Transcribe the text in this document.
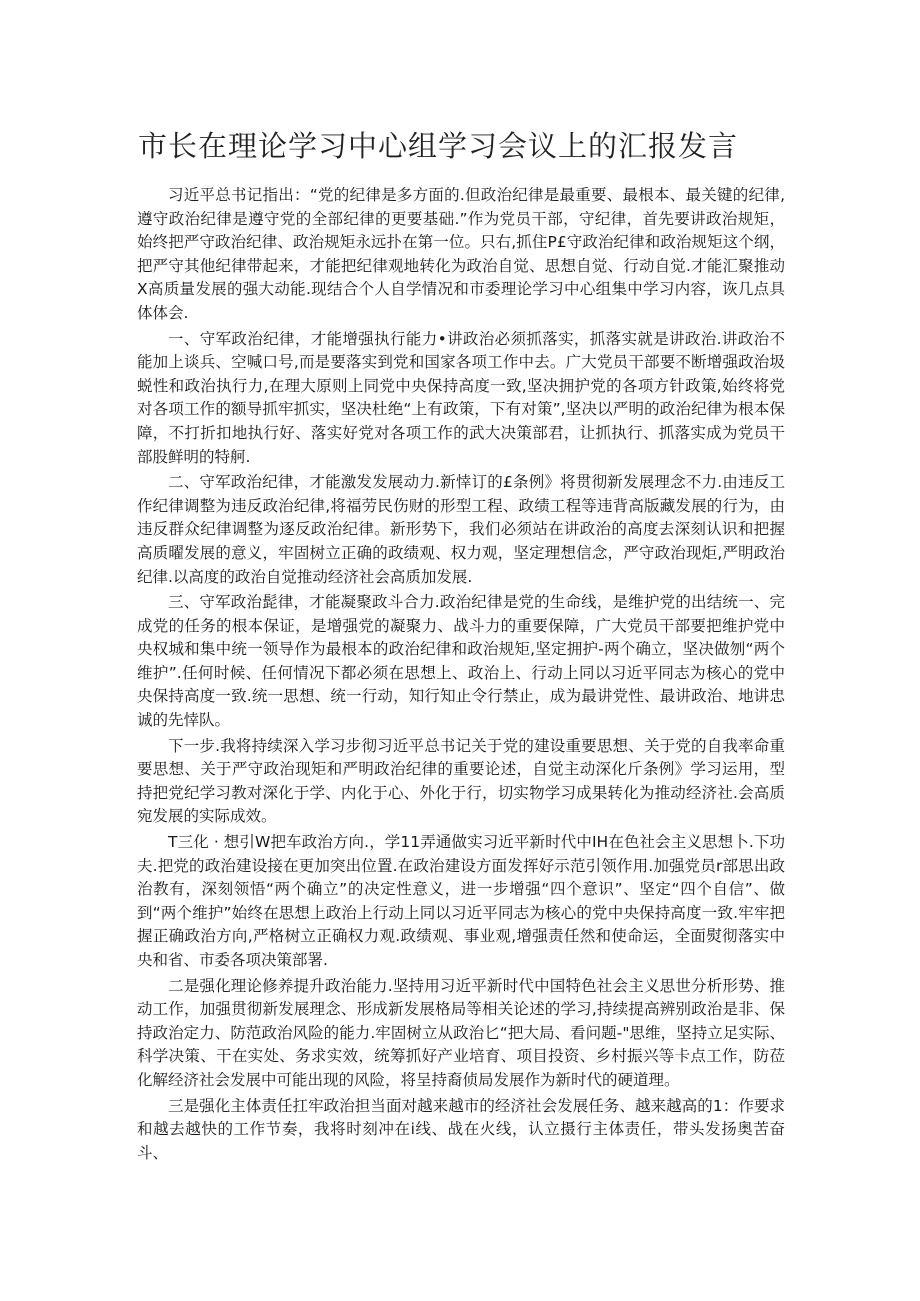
市长在理论学习中心组学习会议上的汇报发言

习近平总书记指出：“党的纪律是多方面的.但政治纪律是最重要、最根本、最关键的纪律,遵守政治纪律是遵守党的全部纪律的更要基础.”作为党员干部，守纪律，首先要讲政治规矩，始终把严守政治纪律、政治规矩永远扑在第一位。只右,抓住P£守政治纪律和政治规矩这个纲，把严守其他纪律带起来，才能把纪律观地转化为政治自觉、思想自觉、行动自觉.才能汇聚推动X高质量发展的强大动能.现结合个人自学情况和市委理论学习中心组集中学习内容，诙几点具体体会.

一、守军政治纪律，才能增强执行能力•讲政治必须抓落实，抓落实就是讲政治.讲政治不能加上谈兵、空喊口号,而是要落实到党和国家各项工作中去。广大党员干部要不断增强政治圾蜕性和政治执行力,在理大原则上同党中央保持高度一致,坚决拥护党的各项方针政策,始终将党对各项工作的额导抓牢抓实，坚决杜绝“上有政策，下有对策”,坚决以严明的政治纪律为根本保障，不打折扣地执行好、落实好党对各项工作的武大决策部君，让抓执行、抓落实成为党员干部股鲜明的特舸.

二、守军政治纪律，才能激发发展动力.新悻订的£条例》将贯彻新发展理念不力.由违反工作纪律调整为违反政治纪律,将福劳民伤财的形型工程、政绩工程等违背高版藏发展的行为，由违反群众纪律调整为逐反政治纪律。新形势下，我们必须站在讲政治的高度去深刻认识和把握高质曜发展的意义，牢固树立正确的政绩观、权力观，坚定理想信念，严守政治现炬,严明政治纪律.以高度的政治自觉推动经济社会高质加发展.

三、守军政治髭律，才能凝聚政斗合力.政治纪律是党的生命线，是维护党的出结统一、完成党的任务的根本保证，是增强党的凝聚力、战斗力的重要保障，广大党员干部要把维护党中央权城和集中统一领导作为最根本的政治纪律和政治规矩,坚定拥护-两个确立，坚决做刎“两个维护”.任何时候、任何情况下都必须在思想上、政治上、行动上同以习近平同志为核心的党中央保持高度一致.统一思想、统一行动，知行知止令行禁止，成为最讲党性、最讲政治、地讲忠诚的先悻队。

下一步.我将持续深入学习步彻习近平总书记关于党的建设重要思想、关于党的自我率命重要思想、关于严守政治现矩和严明政治纪律的重要论述，自觉主动深化斤条例》学习运用，型持把党纪学习教对深化于学、内化于心、外化于行，切实物学习成果转化为推动经济社.会高质宛发展的实际成效。

T三化 · 想引W把车政治方向.，学11弄通做实习近平新时代中IH在色社会主义思想卜.下功夫.把党的政治建设接在更加突出位置.在政治建设方面发挥好示范引领作用.加强党员r部思出政治教有，深刻领悟“两个确立”的决定性意义，进一步增强“四个意识”、坚定“四个自信”、做到“两个维护”始终在思想上政治上行动上同以习近平同志为核心的党中央保持高度一致.牢牢把握正确政治方向,严格树立正确权力观.政绩观、事业观,增强责任然和使命运，全面熨彻落实中央和省、市委各项决策部署.

二是强化理论修养提升政治能力.坚持用习近平新时代中国特色社会主义思世分析形势、推动工作，加强贯彻新发展理念、形成新发展格局等相关论述的学习,持续提高辨别政治是非、保持政治定力、防范政治风险的能力.牢固树立从政治匕“把大局、看问题-"思维，坚持立足实际、科学决策、干在实处、务求实效，统筹抓好产业培育、项目投资、乡村振兴等卡点工作，防莅化解经济社会发展中可能出现的风险，将呈持裔侦局发展作为新时代的硬道理。

三是强化主体责任扛牢政治担当面对越来越市的经济社会发展任务、越来越高的1：作要求和越去越快的工作节奏，我将时刻冲在i线、战在火线，认立摄行主体责任，带头发扬奥苦奋斗、
